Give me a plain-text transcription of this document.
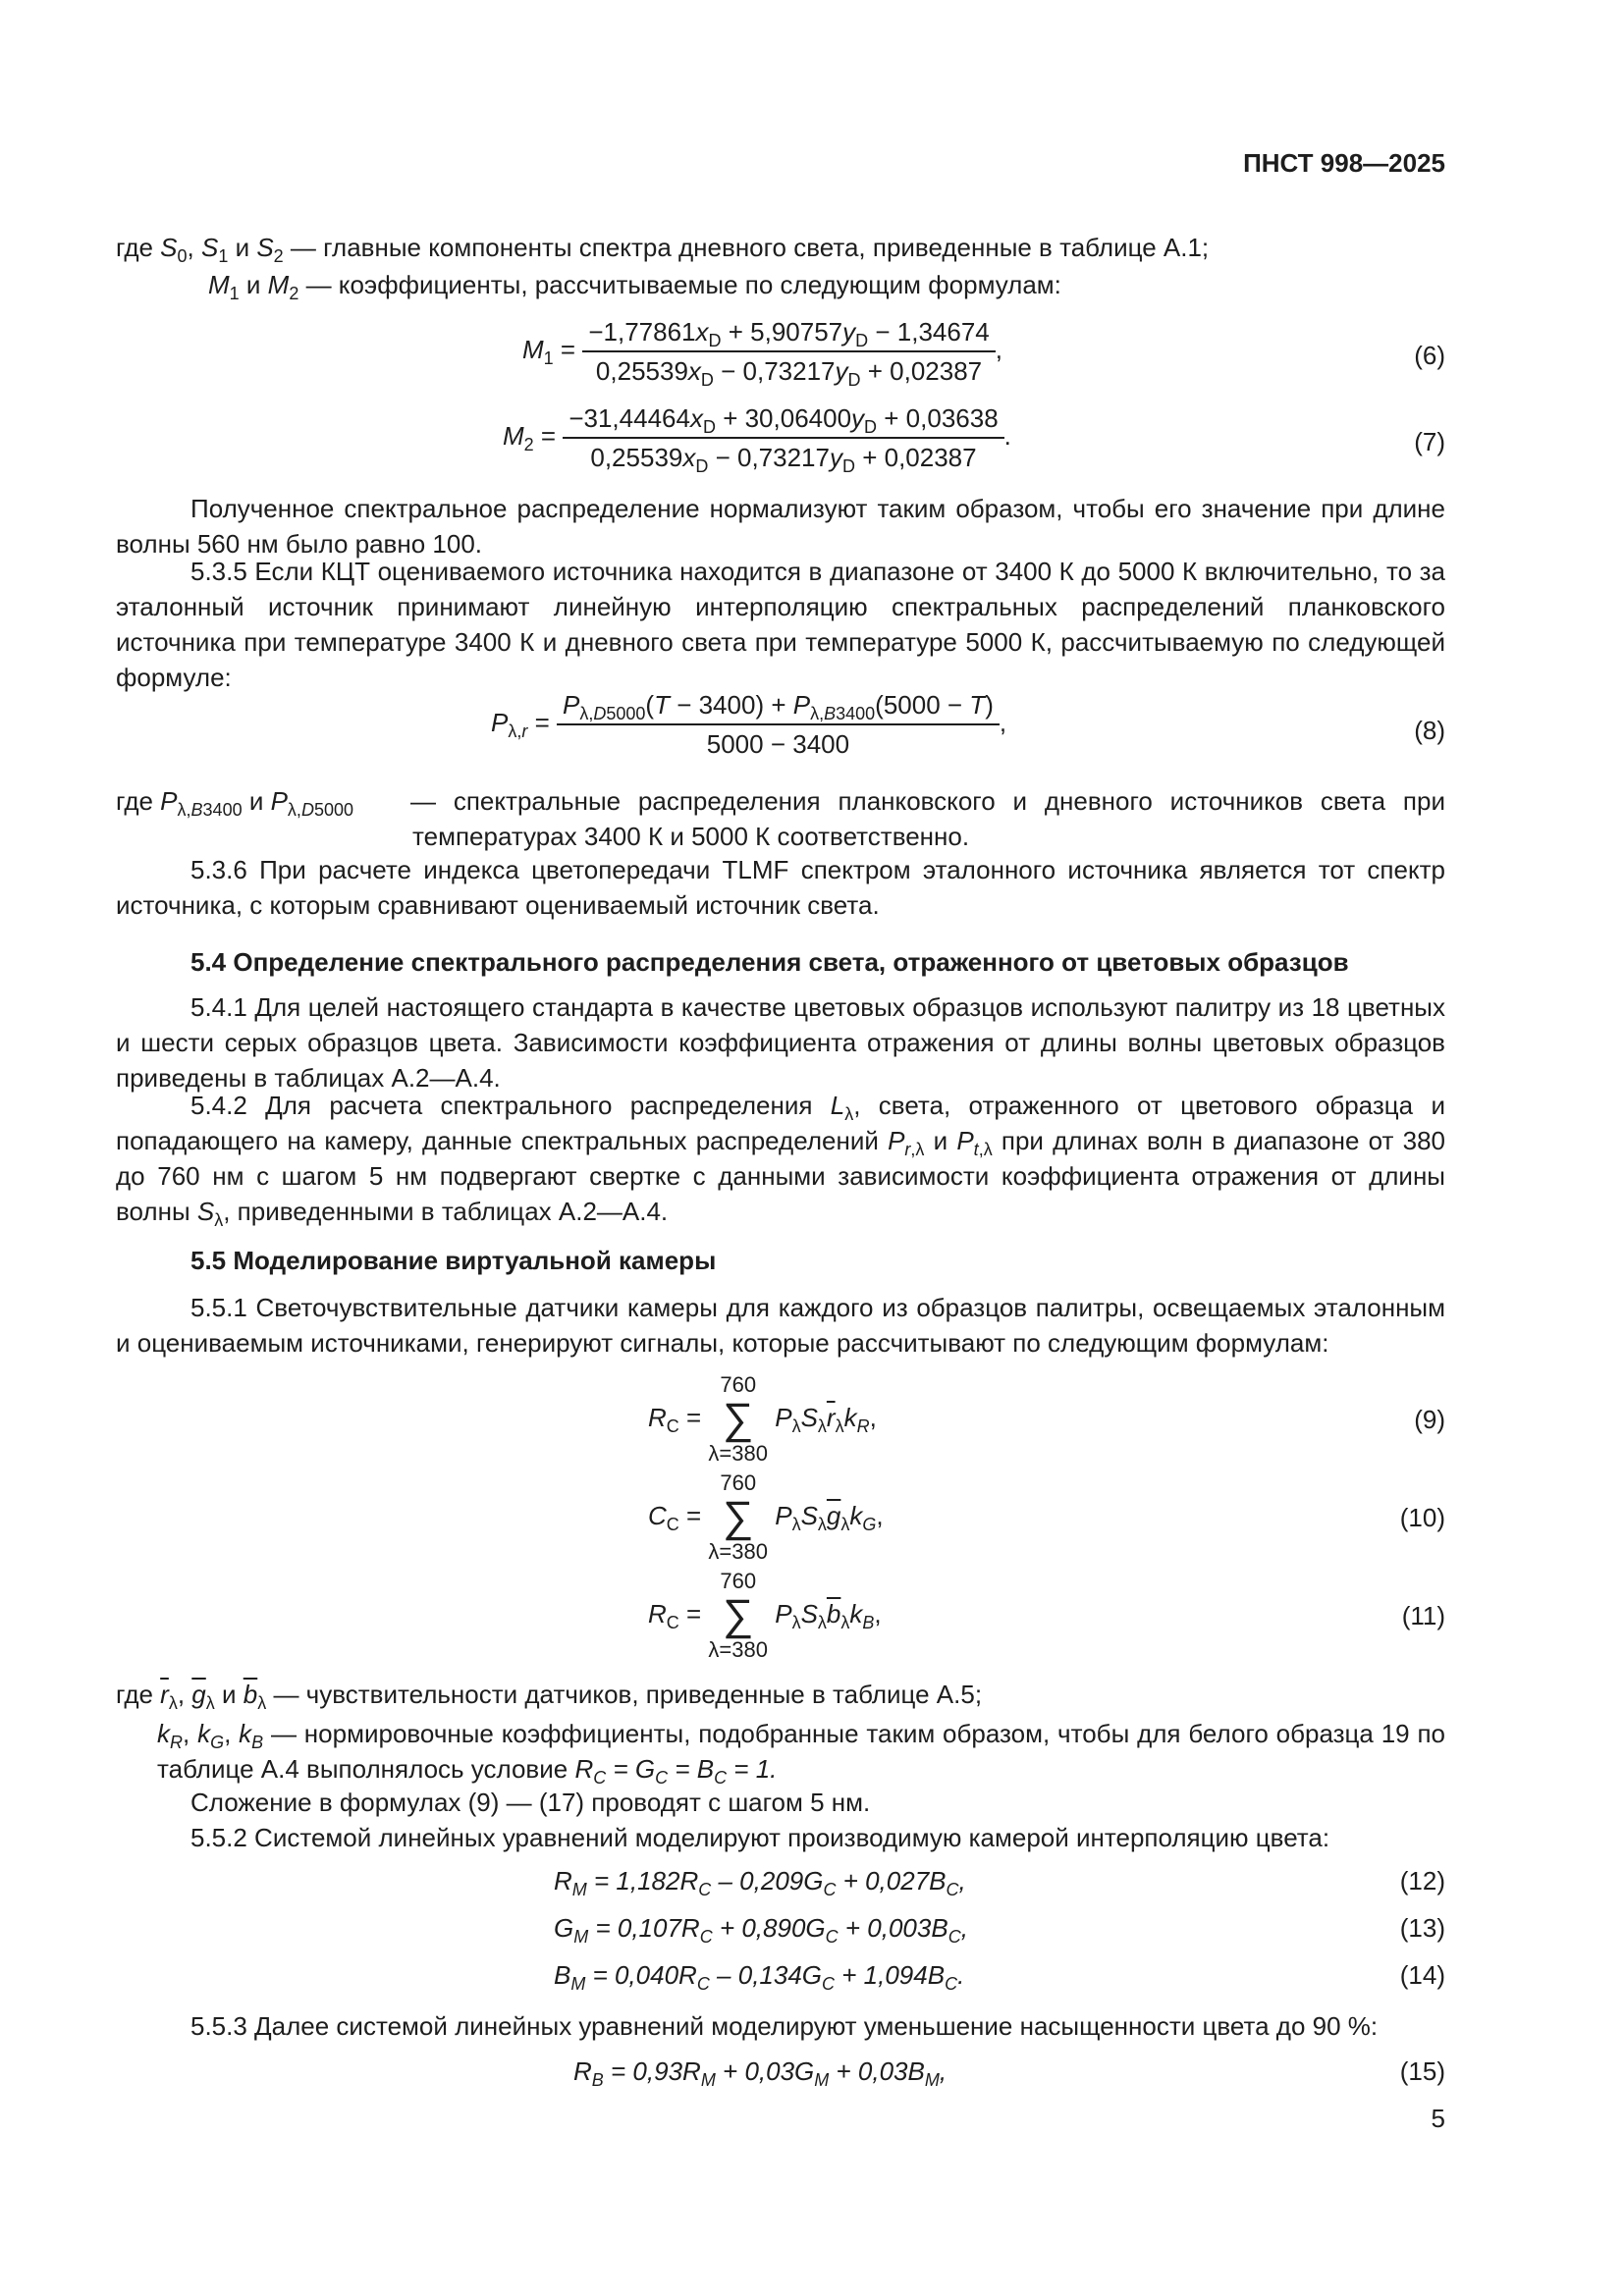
ПНСТ 998—2025
где $S_0$, $S_1$ и $S_2$ — главные компоненты спектра дневного света, приведенные в таблице А.1;
$M_1$ и $M_2$ — коэффициенты, рассчитываемые по следующим формулам:
$M_1 = \frac{-1,77861x_D + 5,90757y_D - 1,34674}{0,25539x_D - 0,73217y_D + 0,02387}$ ,	(6)
$M_2 = \frac{-31,44464x_D + 30,06400y_D + 0,03638}{0,25539x_D - 0,73217y_D + 0,02387}$ .	(7)
Полученное спектральное распределение нормализуют таким образом, чтобы его значение при длине волны 560 нм было равно 100.
5.3.5 Если КЦТ оцениваемого источника находится в диапазоне от 3400 К до 5000 К включительно, то за эталонный источник принимают линейную интерполяцию спектральных распределений планковского источника при температуре 3400 К и дневного света при температуре 5000 К, рассчитываемую по следующей формуле:
$P_{\lambda,r} = \frac{P_{\lambda,D5000}(T - 3400) + P_{\lambda,B3400}(5000 - T)}{5000 - 3400}$ ,	(8)
где $P_{\lambda,B3400}$ и $P_{\lambda,D5000}$ — спектральные распределения планковского и дневного источников света при температурах 3400 К и 5000 К соответственно.
5.3.6 При расчете индекса цветопередачи TLMF спектром эталонного источника является тот спектр источника, с которым сравнивают оцениваемый источник света.
5.4 Определение спектрального распределения света, отраженного от цветовых образцов
5.4.1 Для целей настоящего стандарта в качестве цветовых образцов используют палитру из 18 цветных и шести серых образцов цвета. Зависимости коэффициента отражения от длины волны цветовых образцов приведены в таблицах А.2—А.4.
5.4.2 Для расчета спектрального распределения $L_\lambda$, света, отраженного от цветового образца и попадающего на камеру, данные спектральных распределений $P_{r,\lambda}$ и $P_{t,\lambda}$ при длинах волн в диапазоне от 380 до 760 нм с шагом 5 нм подвергают свертке с данными зависимости коэффициента отражения от длины волны $S_\lambda$, приведенными в таблицах А.2—А.4.
5.5 Моделирование виртуальной камеры
5.5.1 Светочувствительные датчики камеры для каждого из образцов палитры, освещаемых эталонным и оцениваемым источниками, генерируют сигналы, которые рассчитывают по следующим формулам:
$R_C$ =
760
∑
λ=380
$P_\lambda S_\lambda\overline{r}_\lambda k_R$,	(9)
$C_C$ =
760
∑
λ=380
$P_\lambda S_\lambda\overline{g}_\lambda k_G$,	(10)
$R_C$ =
760
∑
λ=380
$P_\lambda S_\lambda\overline{b}_\lambda k_B$,	(11)
где $\overline{r}_\lambda$, $\overline{g}_\lambda$ и $\overline{b}_\lambda$ — чувствительности датчиков, приведенные в таблице А.5;
$k_R$, $k_G$, $k_B$ — нормировочные коэффициенты, подобранные таким образом, чтобы для белого образца 19 по таблице А.4 выполнялось условие $R_C = G_C = B_C = 1$.
Сложение в формулах (9) — (17) проводят с шагом 5 нм.
5.5.2 Системой линейных уравнений моделируют производимую камерой интерполяцию цвета:
$R_M = 1,182R_C - 0,209G_C + 0,027B_C$,	(12)
$G_M = 0,107R_C + 0,890G_C + 0,003B_C$,	(13)
$B_M = 0,040R_C - 0,134G_C + 1,094B_C$.	(14)
5.5.3 Далее системой линейных уравнений моделируют уменьшение насыщенности цвета до 90 %:
$R_B = 0,93R_M + 0,03G_M + 0,03B_M$,	(15)
5
